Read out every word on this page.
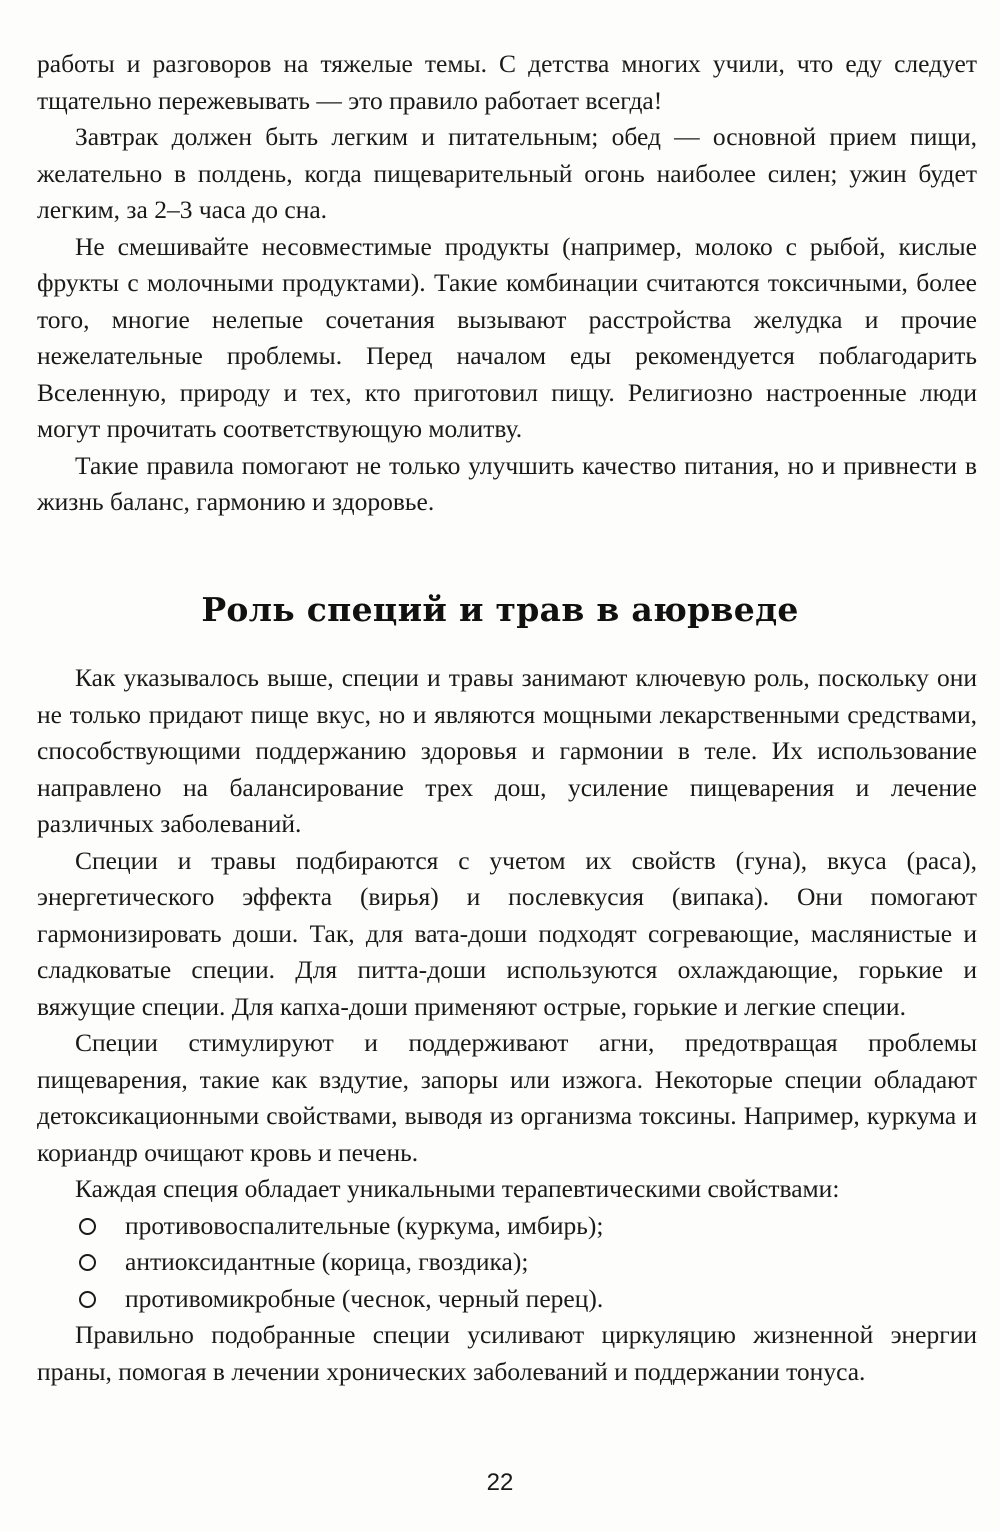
работы и разговоров на тяжелые темы. С детства многих учили, что еду следует тщательно пережевывать — это правило работает всегда!

Завтрак должен быть легким и питательным; обед — основной прием пищи, желательно в полдень, когда пищеварительный огонь наиболее силен; ужин будет легким, за 2–3 часа до сна.

Не смешивайте несовместимые продукты (например, молоко с рыбой, кислые фрукты с молочными продуктами). Такие комбинации считаются токсичными, более того, многие нелепые сочетания вызывают расстройства желудка и прочие нежелательные проблемы. Перед началом еды рекомендуется поблагодарить Вселенную, природу и тех, кто приготовил пищу. Религиозно настроенные люди могут прочитать соответствующую молитву.

Такие правила помогают не только улучшить качество питания, но и привнести в жизнь баланс, гармонию и здоровье.

Роль специй и трав в аюрведе

Как указывалось выше, специи и травы занимают ключевую роль, поскольку они не только придают пище вкус, но и являются мощными лекарственными средствами, способствующими поддержанию здоровья и гармонии в теле. Их использование направлено на балансирование трех дош, усиление пищеварения и лечение различных заболеваний.

Специи и травы подбираются с учетом их свойств (гуна), вкуса (раса), энергетического эффекта (вирья) и послевкусия (випака). Они помогают гармонизировать доши. Так, для вата-доши подходят согревающие, маслянистые и сладковатые специи. Для питта-доши используются охлаждающие, горькие и вяжущие специи. Для капха-доши применяют острые, горькие и легкие специи.

Специи стимулируют и поддерживают агни, предотвращая проблемы пищеварения, такие как вздутие, запоры или изжога. Некоторые специи обладают детоксикационными свойствами, выводя из организма токсины. Например, куркума и кориандр очищают кровь и печень.

Каждая специя обладает уникальными терапевтическими свойствами:

противовоспалительные (куркума, имбирь);
антиоксидантные (корица, гвоздика);
противомикробные (чеснок, черный перец).

Правильно подобранные специи усиливают циркуляцию жизненной энергии праны, помогая в лечении хронических заболеваний и поддержании тонуса.

22
